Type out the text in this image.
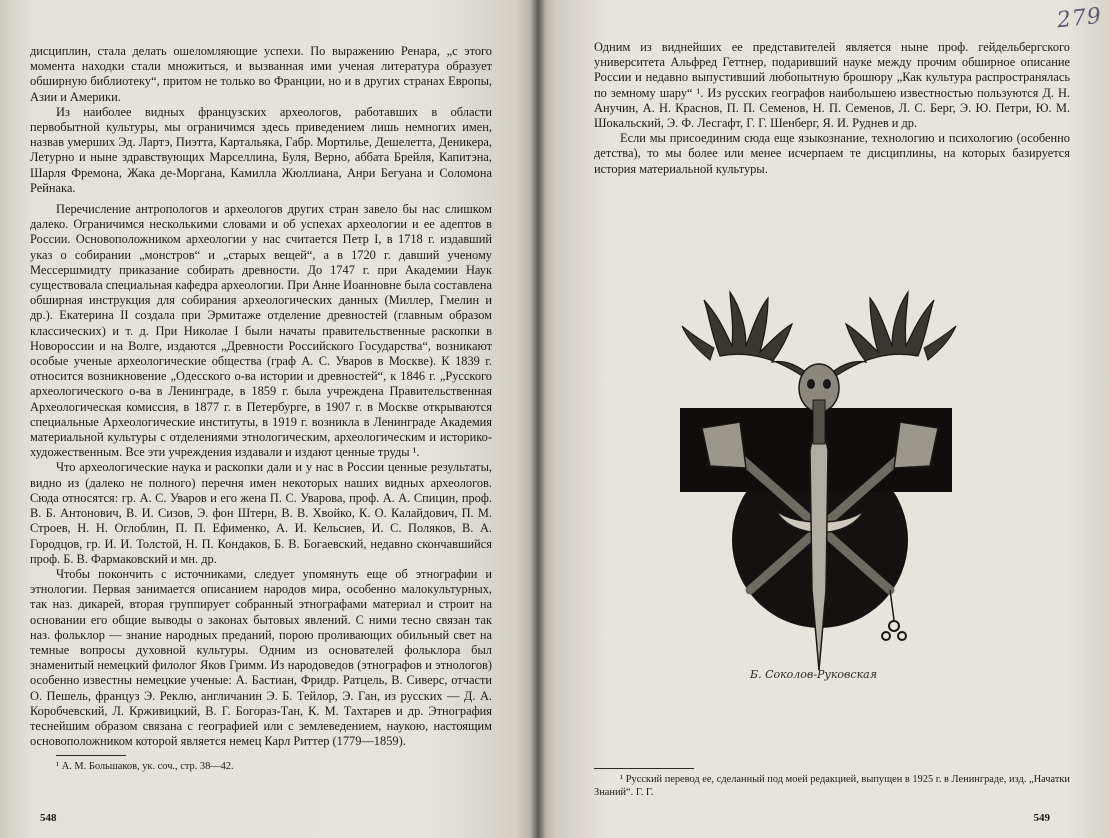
дисциплин, стала делать ошеломляющие успехи. По выражению Ренара, „с этого момента находки стали множиться, и вызванная ими ученая литература образует обширную библиотеку“, притом не только во Франции, но и в других странах Европы, Азии и Америки.

Из наиболее видных французских археологов, работавших в области первобытной культуры, мы ограничимся здесь приведением лишь немногих имен, назвав умерших Эд. Лартэ, Пиэтта, Картальяка, Габр. Мортилье, Дешелетта, Деникера, Летурно и ныне здравствующих Марселлина, Буля, Верно, аббата Брейля, Капитэна, Шарля Фремона, Жака де-Моргана, Камилла Жюллиана, Анри Бегуана и Соломона Рейнака.

Перечисление антропологов и археологов других стран завело бы нас слишком далеко. Ограничимся несколькими словами и об успехах археологии и ее адептов в России. Основоположником археологии у нас считается Петр I, в 1718 г. издавший указ о собирании „монстров“ и „старых вещей“, а в 1720 г. давший ученому Мессершмидту приказание собирать древности. До 1747 г. при Академии Наук существовала специальная кафедра археологии. При Анне Иоанновне была составлена обширная инструкция для собирания археологических данных (Миллер, Гмелин и др.). Екатерина II создала при Эрмитаже отделение древностей (главным образом классических) и т. д. При Николае I были начаты правительственные раскопки в Новороссии и на Волге, издаются „Древности Российского Государства“, возникают особые ученые археологические общества (граф А. С. Уваров в Москве). К 1839 г. относится возникновение „Одесского о-ва истории и древностей“, к 1846 г. „Русского археологического о-ва в Ленинграде, в 1859 г. была учреждена Правительственная Археологическая комиссия, в 1877 г. в Петербурге, в 1907 г. в Москве открываются специальные Археологические институты, в 1919 г. возникла в Ленинграде Академия материальной культуры с отделениями этнологическим, археологическим и историко-художественным. Все эти учреждения издавали и издают ценные труды ¹.

Что археологические наука и раскопки дали и у нас в России ценные результаты, видно из (далеко не полного) перечня имен некоторых наших видных археологов. Сюда относятся: гр. А. С. Уваров и его жена П. С. Уварова, проф. А. А. Спицин, проф. В. Б. Антонович, В. И. Сизов, Э. фон Штерн, В. В. Хвойко, К. О. Калайдович, П. М. Строев, Н. Н. Оглоблин, П. П. Ефименко, А. И. Кельсиев, И. С. Поляков, В. А. Городцов, гр. И. И. Толстой, Н. П. Кондаков, Б. В. Богаевский, недавно скончавшийся проф. Б. В. Фармаковский и мн. др.

Чтобы покончить с источниками, следует упомянуть еще об этнографии и этнологии. Первая занимается описанием народов мира, особенно малокультурных, так наз. дикарей, вторая группирует собранный этнографами материал и строит на основании его общие выводы о законах бытовых явлений. С ними тесно связан так наз. фольклор — знание народных преданий, порою проливающих обильный свет на темные вопросы духовной культуры. Одним из основателей фольклора был знаменитый немецкий филолог Яков Гримм. Из народоведов (этнографов и этнологов) особенно известны немецкие ученые: А. Бастиан, Фридр. Ратцель, В. Сиверс, отчасти О. Пешель, француз Э. Реклю, англичанин Э. Б. Тейлор, Э. Ган, из русских — Д. А. Коробчевский, Л. Крживицкий, В. Г. Богораз-Тан, К. М. Тахтарев и др. Этнография теснейшим образом связана с географией или с землеведением, наукою, настоящим основоположником которой является немец Карл Риттер (1779—1859).

¹ А. М. Большаков, ук. соч., стр. 38—42.
548
279

Одним из виднейших ее представителей является ныне проф. гейдельбергского университета Альфред Геттнер, подаривший науке между прочим обширное описание России и недавно выпустивший любопытную брошюру „Как культура распространялась по земному шару“ ¹. Из русских географов наибольшею известностью пользуются Д. Н. Анучин, А. Н. Краснов, П. П. Семенов, Н. П. Семенов, Л. С. Берг, Э. Ю. Петри, Ю. М. Шокальский, Э. Ф. Лесгафт, Г. Г. Шенберг, Я. И. Руднев и др.

Если мы присоединим сюда еще языкознание, технологию и психологию (особенно детства), то мы более или менее исчерпаем те дисциплины, на которых базируется история материальной культуры.

Б. Соколов-Руковская
¹ Русский перевод ее, сделанный под моей редакцией, выпущен в 1925 г. в Ленинграде, изд. „Начатки Знаний“. Г. Г.
549
